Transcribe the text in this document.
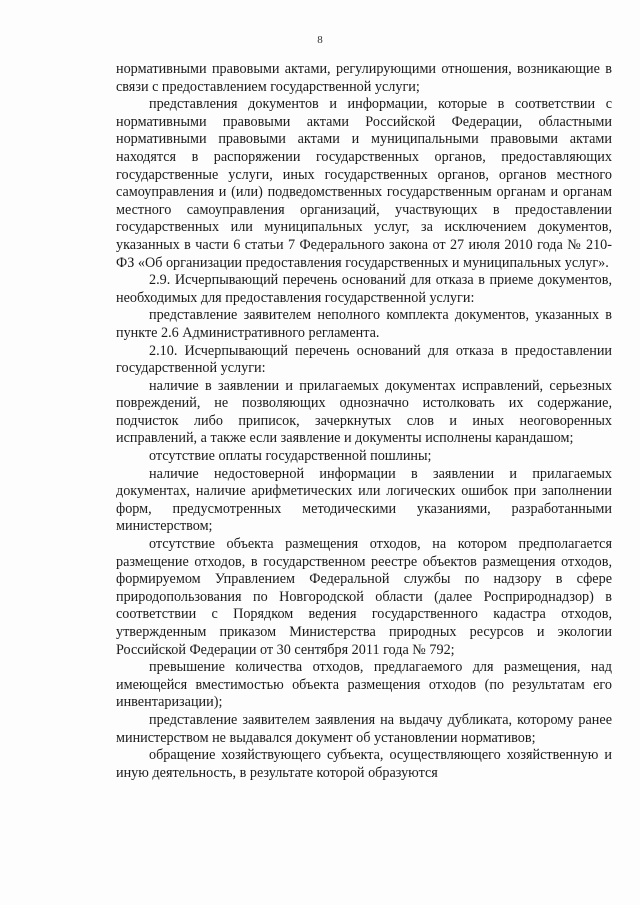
8

нормативными правовыми актами, регулирующими отношения, возникающие в связи с предоставлением государственной услуги;

представления документов и информации, которые в соответствии с нормативными правовыми актами Российской Федерации, областными нормативными правовыми актами и муниципальными правовыми актами находятся в распоряжении государственных органов, предоставляющих государственные услуги, иных государственных органов, органов местного самоуправления и (или) подведомственных государственным органам и органам местного самоуправления организаций, участвующих в предоставлении государственных или муниципальных услуг, за исключением документов, указанных в части 6 статьи 7 Федерального закона от 27 июля 2010 года № 210-ФЗ «Об организации предоставления государственных и муниципальных услуг».

2.9. Исчерпывающий перечень оснований для отказа в приеме документов, необходимых для предоставления государственной услуги:

представление заявителем неполного комплекта документов, указанных в пункте 2.6 Административного регламента.

2.10. Исчерпывающий перечень оснований для отказа в предоставлении государственной услуги:

наличие в заявлении и прилагаемых документах исправлений, серьезных повреждений, не позволяющих однозначно истолковать их содержание, подчисток либо приписок, зачеркнутых слов и иных неоговоренных исправлений, а также если заявление и документы исполнены карандашом;

отсутствие оплаты государственной пошлины;

наличие недостоверной информации в заявлении и прилагаемых документах, наличие арифметических или логических ошибок при заполнении форм, предусмотренных методическими указаниями, разработанными министерством;

отсутствие объекта размещения отходов, на котором предполагается размещение отходов, в государственном реестре объектов размещения отходов, формируемом Управлением Федеральной службы по надзору в сфере природопользования по Новгородской области (далее Росприроднадзор) в соответствии с Порядком ведения государственного кадастра отходов, утвержденным приказом Министерства природных ресурсов и экологии Российской Федерации от 30 сентября 2011 года № 792;

превышение количества отходов, предлагаемого для размещения, над имеющейся вместимостью объекта размещения отходов (по результатам его инвентаризации);

представление заявителем заявления на выдачу дубликата, которому ранее министерством не выдавался документ об установлении нормативов;

обращение хозяйствующего субъекта, осуществляющего хозяйственную и иную деятельность, в результате которой образуются
